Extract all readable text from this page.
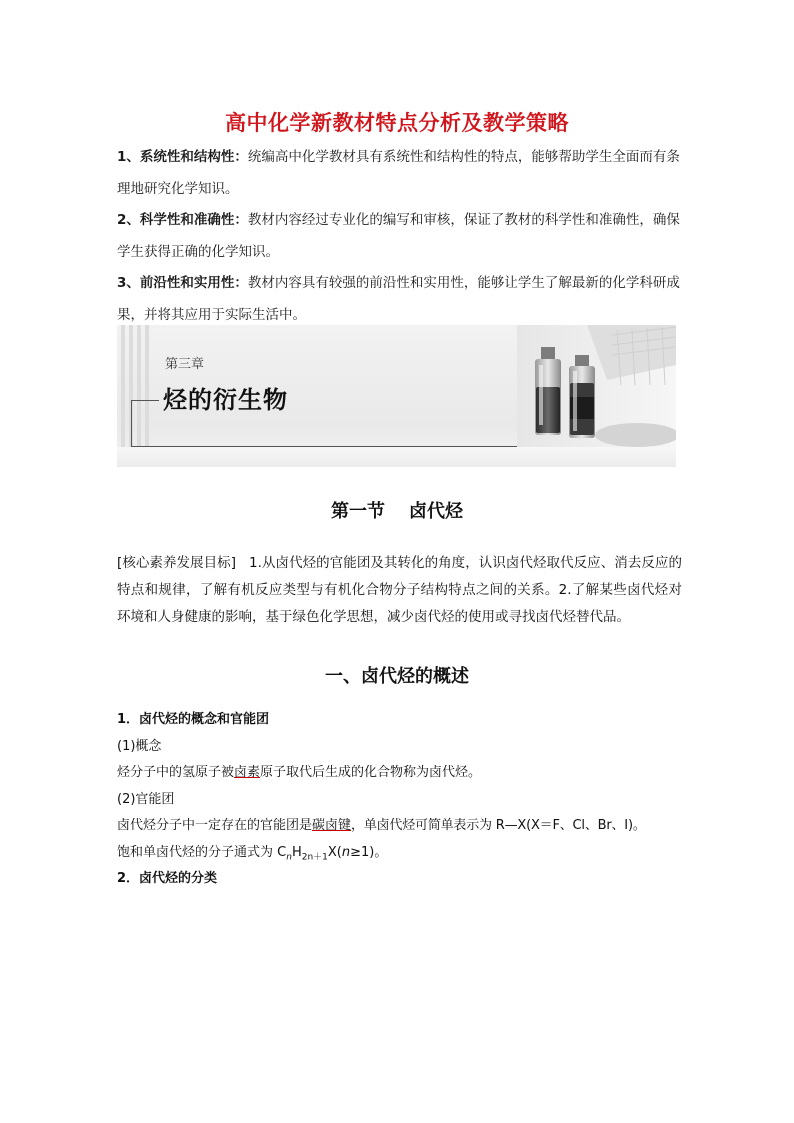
高中化学新教材特点分析及教学策略

1、系统性和结构性：统编高中化学教材具有系统性和结构性的特点，能够帮助学生全面而有条理地研究化学知识。

2、科学性和准确性：教材内容经过专业化的编写和审核，保证了教材的科学性和准确性，确保学生获得正确的化学知识。

3、前沿性和实用性：教材内容具有较强的前沿性和实用性，能够让学生了解最新的化学科研成果，并将其应用于实际生活中。

第三章
烃的衍生物
第一节 卤代烃

[核心素养发展目标] 1.从卤代烃的官能团及其转化的角度，认识卤代烃取代反应、消去反应的特点和规律，了解有机反应类型与有机化合物分子结构特点之间的关系。2.了解某些卤代烃对环境和人身健康的影响，基于绿色化学思想，减少卤代烃的使用或寻找卤代烃替代品。

一、卤代烃的概述

1．卤代烃的概念和官能团

(1)概念

烃分子中的氢原子被卤素原子取代后生成的化合物称为卤代烃。

(2)官能团

卤代烃分子中一定存在的官能团是碳卤键，单卤代烃可简单表示为 R—X(X＝F、Cl、Br、I)。

饱和单卤代烃的分子通式为 $C_nH_{2n+1}X(n\ge 1)$。

2．卤代烃的分类
